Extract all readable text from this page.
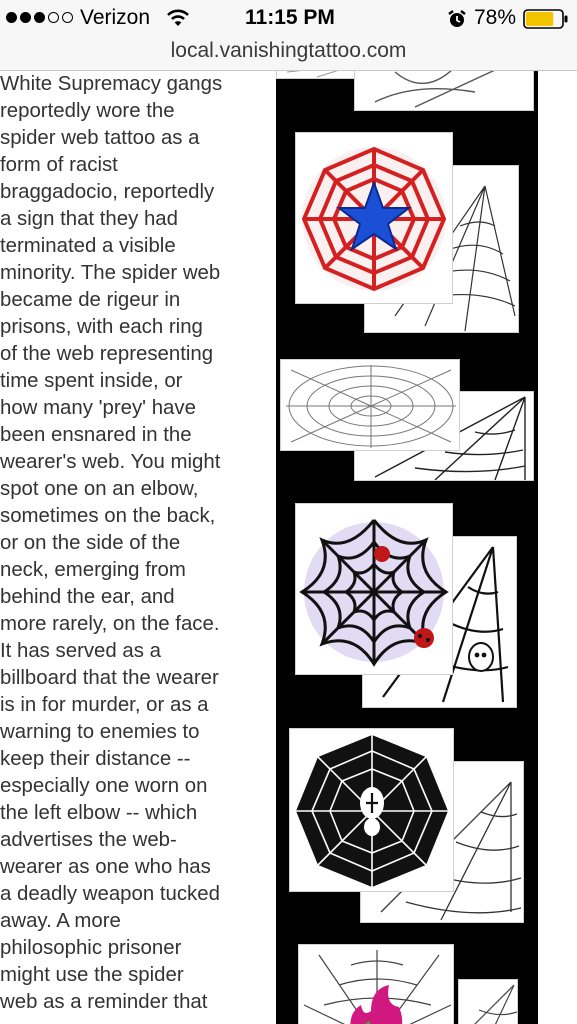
Verizon	11:15 PM	78%
local.vanishingtattoo.com
White Supremacy gangs
reportedly wore the
spider web tattoo as a
form of racist
braggadocio, reportedly
a sign that they had
terminated a visible
minority. The spider web
became de rigeur in
prisons, with each ring
of the web representing
time spent inside, or
how many 'prey' have
been ensnared in the
wearer's web. You might
spot one on an elbow,
sometimes on the back,
or on the side of the
neck, emerging from
behind the ear, and
more rarely, on the face.
It has served as a
billboard that the wearer
is in for murder, or as a
warning to enemies to
keep their distance --
especially one worn on
the left elbow -- which
advertises the web-
wearer as one who has
a deadly weapon tucked
away. A more
philosophic prisoner
might use the spider
web as a reminder that
